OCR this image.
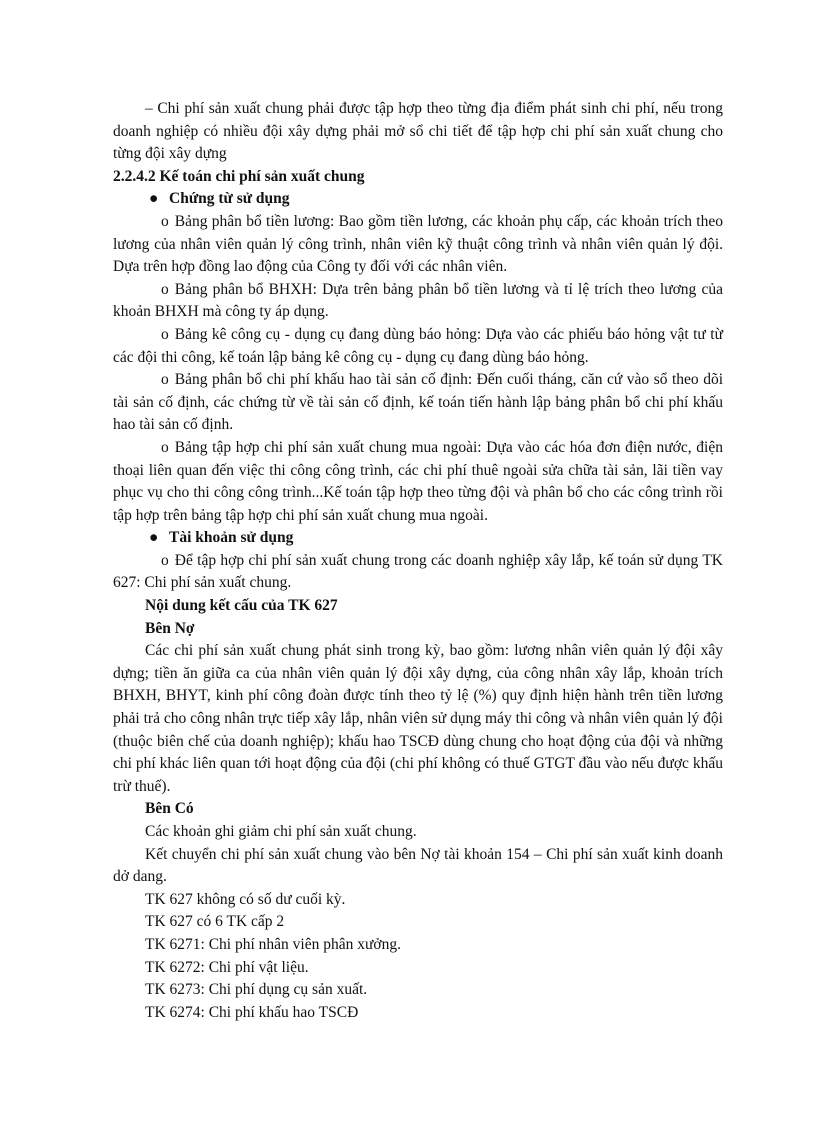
– Chi phí sản xuất chung phải được tập hợp theo từng địa điểm phát sinh chi phí, nếu trong doanh nghiệp có nhiều đội xây dựng phải mở sổ chi tiết để tập hợp chi phí sản xuất chung cho từng đội xây dựng

2.2.4.2 Kế toán chi phí sản xuất chung

● Chứng từ sử dụng

o Bảng phân bổ tiền lương: Bao gồm tiền lương, các khoản phụ cấp, các khoản trích theo lương của nhân viên quản lý công trình, nhân viên kỹ thuật công trình và nhân viên quản lý đội. Dựa trên hợp đồng lao động của Công ty đối với các nhân viên.

o Bảng phân bổ BHXH: Dựa trên bảng phân bổ tiền lương và tỉ lệ trích theo lương của khoản BHXH mà công ty áp dụng.

o Bảng kê công cụ - dụng cụ đang dùng báo hỏng: Dựa vào các phiếu báo hỏng vật tư từ các đội thi công, kế toán lập bảng kê công cụ - dụng cụ đang dùng báo hỏng.

o Bảng phân bổ chi phí khấu hao tài sản cố định: Đến cuối tháng, căn cứ vào sổ theo dõi tài sản cố định, các chứng từ về tài sản cố định, kế toán tiến hành lập bảng phân bổ chi phí khấu hao tài sản cố định.

o Bảng tập hợp chi phí sản xuất chung mua ngoài: Dựa vào các hóa đơn điện nước, điện thoại liên quan đến việc thi công công trình, các chi phí thuê ngoài sửa chữa tài sản, lãi tiền vay phục vụ cho thi công công trình...Kế toán tập hợp theo từng đội và phân bổ cho các công trình rồi tập hợp trên bảng tập hợp chi phí sản xuất chung mua ngoài.

● Tài khoản sử dụng

o Để tập hợp chi phí sản xuất chung trong các doanh nghiệp xây lắp, kế toán sử dụng TK 627: Chi phí sản xuất chung.

Nội dung kết cấu của TK 627

Bên Nợ

Các chi phí sản xuất chung phát sinh trong kỳ, bao gồm: lương nhân viên quản lý đội xây dựng; tiền ăn giữa ca của nhân viên quản lý đội xây dựng, của công nhân xây lắp, khoản trích BHXH, BHYT, kinh phí công đoàn được tính theo tỷ lệ (%) quy định hiện hành trên tiền lương phải trả cho công nhân trực tiếp xây lắp, nhân viên sử dụng máy thi công và nhân viên quản lý đội (thuộc biên chế của doanh nghiệp); khấu hao TSCĐ dùng chung cho hoạt động của đội và những chi phí khác liên quan tới hoạt động của đội (chi phí không có thuế GTGT đầu vào nếu được khấu trừ thuế).

Bên Có

Các khoản ghi giảm chi phí sản xuất chung.

Kết chuyển chi phí sản xuất chung vào bên Nợ tài khoản 154 – Chi phí sản xuất kinh doanh dở dang.

TK 627 không có số dư cuối kỳ.

TK 627 có 6 TK cấp 2

TK 6271: Chi phí nhân viên phân xưởng.

TK 6272: Chi phí vật liệu.

TK 6273: Chi phí dụng cụ sản xuất.

TK 6274: Chi phí khấu hao TSCĐ
